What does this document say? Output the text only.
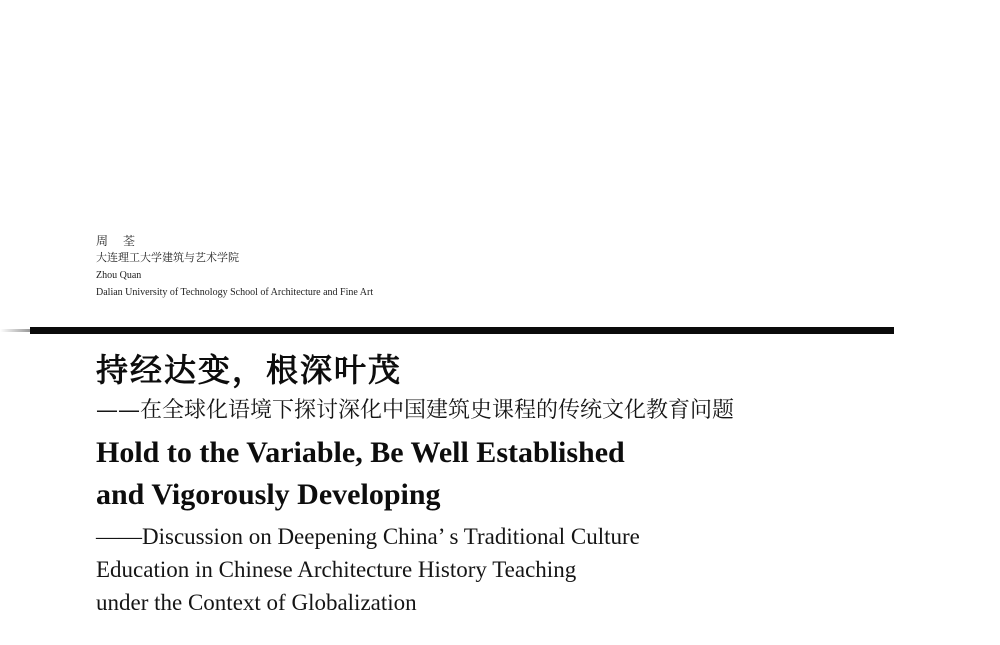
周 荃
大连理工大学建筑与艺术学院
Zhou Quan
Dalian University of Technology School of Architecture and Fine Art
持经达变，根深叶茂
——在全球化语境下探讨深化中国建筑史课程的传统文化教育问题
Hold to the Variable, Be Well Established
and Vigorously Developing
——Discussion on Deepening China’ s Traditional Culture
Education in Chinese Architecture History Teaching
under the Context of Globalization
